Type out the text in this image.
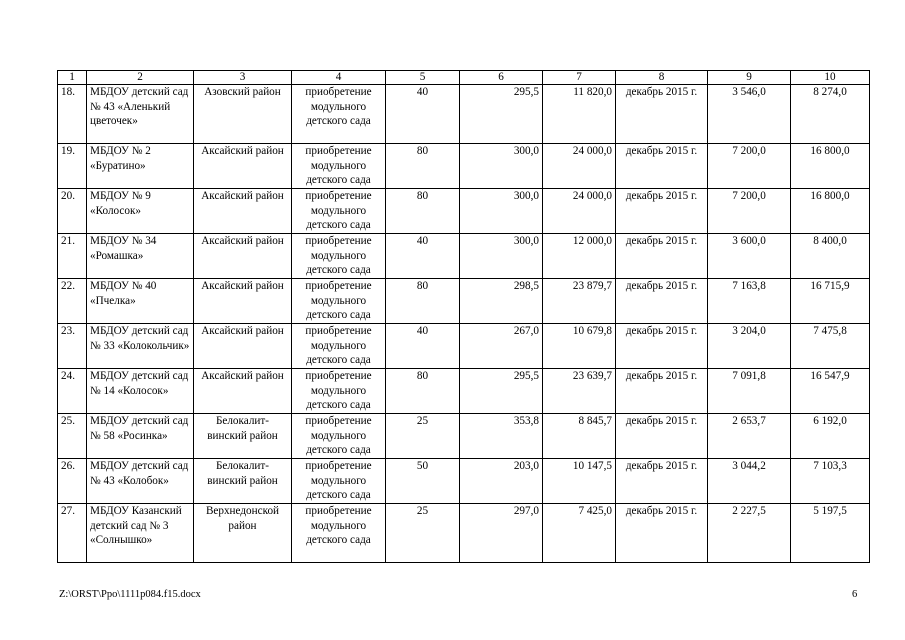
1	2	3	4	5	6	7	8	9	10
18.	МБДОУ детский сад № 43 «Аленький цветочек»	Азовский район	приобретение модульного детского сада	40	295,5	11 820,0	декабрь 2015 г.	3 546,0	8 274,0
19.	МБДОУ № 2 «Буратино»	Аксайский район	приобретение модульного детского сада	80	300,0	24 000,0	декабрь 2015 г.	7 200,0	16 800,0
20.	МБДОУ № 9 «Колосок»	Аксайский район	приобретение модульного детского сада	80	300,0	24 000,0	декабрь 2015 г.	7 200,0	16 800,0
21.	МБДОУ № 34 «Ромашка»	Аксайский район	приобретение модульного детского сада	40	300,0	12 000,0	декабрь 2015 г.	3 600,0	8 400,0
22.	МБДОУ № 40 «Пчелка»	Аксайский район	приобретение модульного детского сада	80	298,5	23 879,7	декабрь 2015 г.	7 163,8	16 715,9
23.	МБДОУ детский сад № 33 «Колокольчик»	Аксайский район	приобретение модульного детского сада	40	267,0	10 679,8	декабрь 2015 г.	3 204,0	7 475,8
24.	МБДОУ детский сад № 14 «Колосок»	Аксайский район	приобретение модульного детского сада	80	295,5	23 639,7	декабрь 2015 г.	7 091,8	16 547,9
25.	МБДОУ детский сад № 58 «Росинка»	Белокалит-винский район	приобретение модульного детского сада	25	353,8	8 845,7	декабрь 2015 г.	2 653,7	6 192,0
26.	МБДОУ детский сад № 43 «Колобок»	Белокалит-винский район	приобретение модульного детского сада	50	203,0	10 147,5	декабрь 2015 г.	3 044,2	7 103,3
27.	МБДОУ Казанский детский сад № 3 «Солнышко»	Верхнедонской район	приобретение модульного детского сада	25	297,0	7 425,0	декабрь 2015 г.	2 227,5	5 197,5
Z:\ORST\Ppo\1111p084.f15.docx	6
